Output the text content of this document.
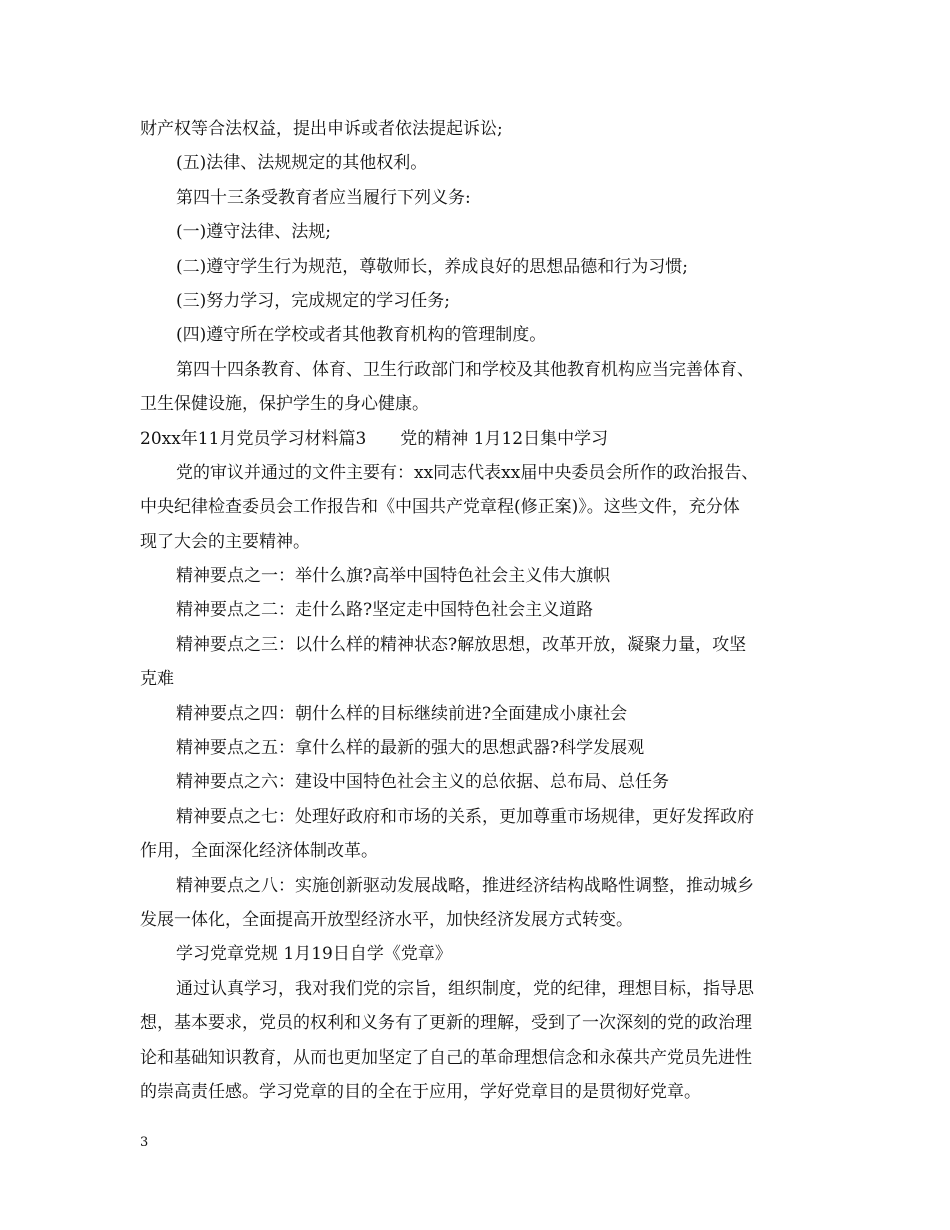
财产权等合法权益，提出申诉或者依法提起诉讼;
(五)法律、法规规定的其他权利。
第四十三条受教育者应当履行下列义务:
(一)遵守法律、法规;
(二)遵守学生行为规范，尊敬师长，养成良好的思想品德和行为习惯;
(三)努力学习，完成规定的学习任务;
(四)遵守所在学校或者其他教育机构的管理制度。
第四十四条教育、体育、卫生行政部门和学校及其他教育机构应当完善体育、
卫生保健设施，保护学生的身心健康。
20xx年11月党员学习材料篇3　　党的精神 1月12日集中学习
党的审议并通过的文件主要有：xx同志代表xx届中央委员会所作的政治报告、
中央纪律检查委员会工作报告和《中国共产党章程(修正案)》。这些文件，充分体
现了大会的主要精神。
精神要点之一：举什么旗?高举中国特色社会主义伟大旗帜
精神要点之二：走什么路?坚定走中国特色社会主义道路
精神要点之三：以什么样的精神状态?解放思想，改革开放，凝聚力量，攻坚
克难
精神要点之四：朝什么样的目标继续前进?全面建成小康社会
精神要点之五：拿什么样的最新的强大的思想武器?科学发展观
精神要点之六：建设中国特色社会主义的总依据、总布局、总任务
精神要点之七：处理好政府和市场的关系，更加尊重市场规律，更好发挥政府
作用，全面深化经济体制改革。
精神要点之八：实施创新驱动发展战略，推进经济结构战略性调整，推动城乡
发展一体化，全面提高开放型经济水平，加快经济发展方式转变。
学习党章党规 1月19日自学《党章》
通过认真学习，我对我们党的宗旨，组织制度，党的纪律，理想目标，指导思
想，基本要求，党员的权利和义务有了更新的理解，受到了一次深刻的党的政治理
论和基础知识教育，从而也更加坚定了自己的革命理想信念和永葆共产党员先进性
的崇高责任感。学习党章的目的全在于应用，学好党章目的是贯彻好党章。
3
